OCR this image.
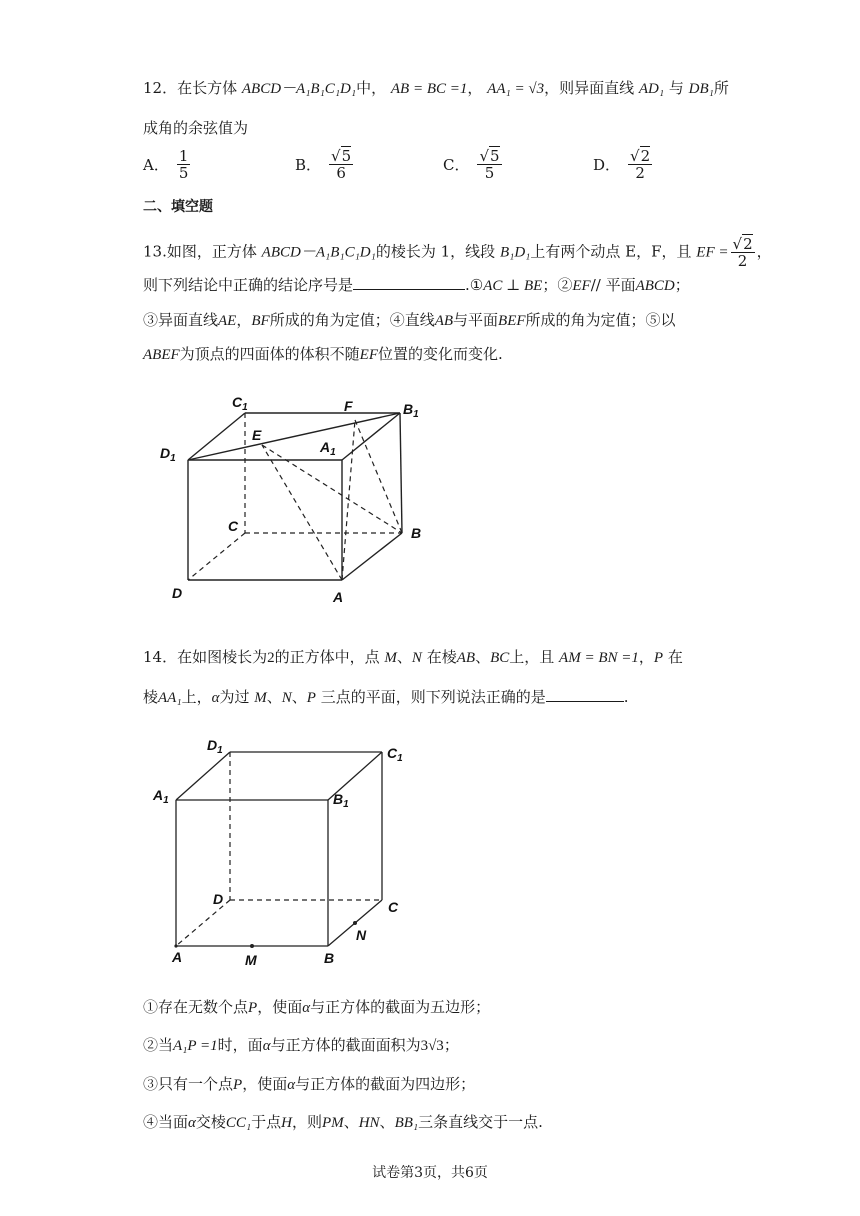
12．在长方体 ABCD－A₁B₁C₁D₁中， AB = BC =1， AA₁ = √3，则异面直线 AD₁ 与 DB₁所
成角的余弦值为
A． $\frac{1}{5}$	B． $\frac{√5}{6}$	C． $\frac{√5}{5}$	D． $\frac{√2}{2}$
二、填空题
13.如图，正方体 ABCD－A₁B₁C₁D₁的棱长为 1，线段 B₁D₁上有两个动点 E，F，且 EF = $\frac{√2}{2}$ ，
则下列结论中正确的结论序号是	.①AC ⊥ BE；②EF// 平面ABCD；
③异面直线AE，BF所成的角为定值；④直线AB与平面BEF所成的角为定值；⑤以
ABEF为顶点的四面体的体积不随EF位置的变化而变化.
$C_1$	F	$B_1$
E
$D_1$
$A_1$
C	B
D	A
14．在如图棱长为2的正方体中，点 M、N 在棱AB、BC上，且 AM = BN =1，P 在
棱AA₁上，α为过 M、N、P 三点的平面，则下列说法正确的是	.
$D_1$	$C_1$
$A_1$	$B_1$
D	C
N
A	M	B
①存在无数个点P，使面α与正方体的截面为五边形；
②当A₁P =1时，面α与正方体的截面面积为3√3；
③只有一个点P，使面α与正方体的截面为四边形；
④当面α交棱CC₁于点H，则PM、HN、BB₁三条直线交于一点.
试卷第3页，共6页
